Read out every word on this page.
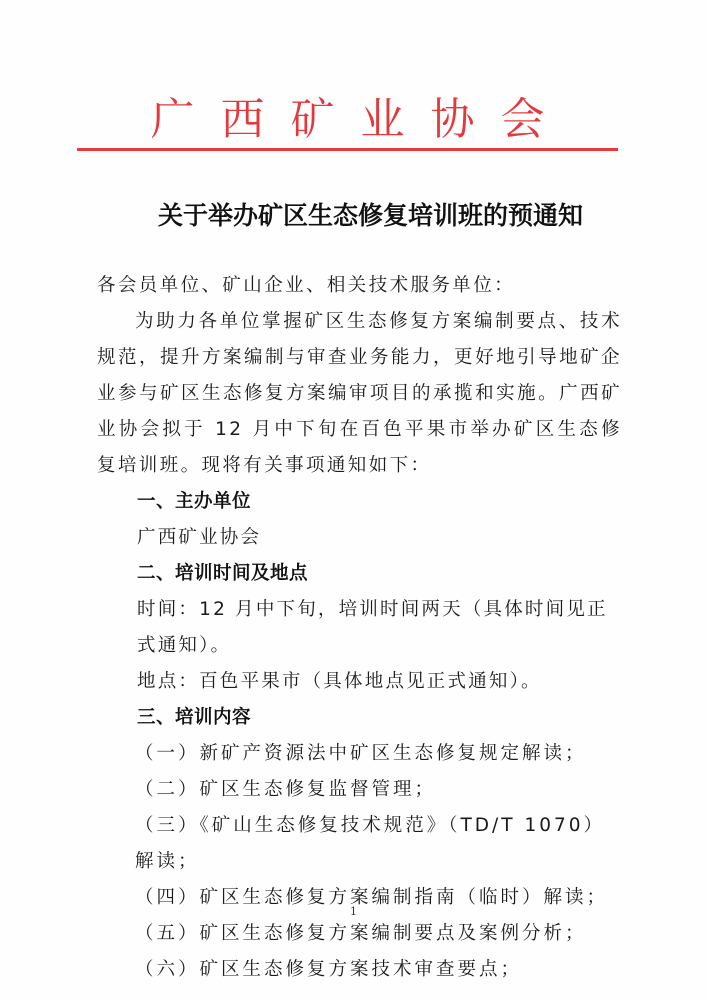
广西矿业协会
关于举办矿区生态修复培训班的预通知

各会员单位、矿山企业、相关技术服务单位：

为助力各单位掌握矿区生态修复方案编制要点、技术规范，提升方案编制与审查业务能力，更好地引导地矿企业参与矿区生态修复方案编审项目的承揽和实施。广西矿业协会拟于 12 月中下旬在百色平果市举办矿区生态修复培训班。现将有关事项通知如下：

一、主办单位

广西矿业协会

二、培训时间及地点

时间：12 月中下旬，培训时间两天（具体时间见正式通知）。

地点：百色平果市（具体地点见正式通知）。

三、培训内容

（一）新矿产资源法中矿区生态修复规定解读；

（二）矿区生态修复监督管理；

（三）《矿山生态修复技术规范》（TD/T 1070）解读；

（四）矿区生态修复方案编制指南（临时）解读；

（五）矿区生态修复方案编制要点及案例分析；

（六）矿区生态修复方案技术审查要点；

1
